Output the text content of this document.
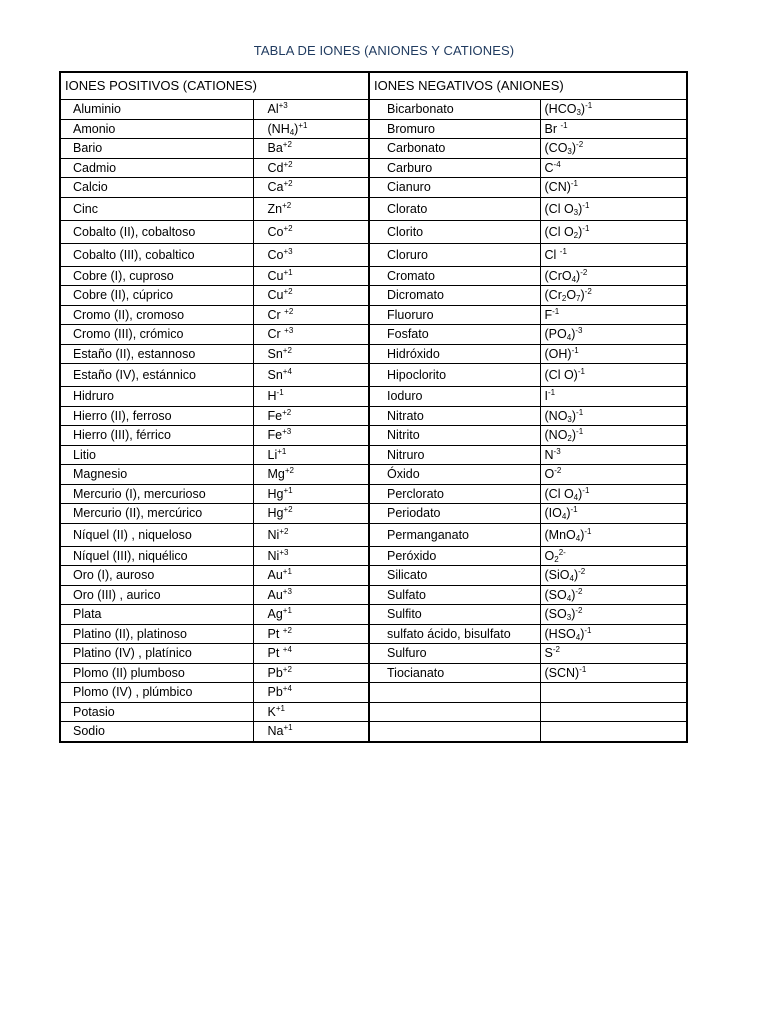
TABLA DE IONES (ANIONES Y CATIONES)
IONES POSITIVOS (CATIONES)		IONES NEGATIVOS (ANIONES)	
Aluminio	$Al^{+3}$	Bicarbonato	$(HCO_3)^{-1}$
Amonio	$(NH_4)^{+1}$	Bromuro	Br $^{-1}$
Bario	$Ba^{+2}$	Carbonato	$(CO_3)^{-2}$
Cadmio	$Cd^{+2}$	Carburo	$C^{-4}$
Calcio	$Ca^{+2}$	Cianuro	(CN)$^{-1}$
Cinc	$Zn^{+2}$	Clorato	(Cl $O_3)^{-1}$
Cobalto (II), cobaltoso	$Co^{+2}$	Clorito	(Cl $O_2)^{-1}$
Cobalto (III), cobaltico	$Co^{+3}$	Cloruro	Cl $^{-1}$
Cobre (I), cuproso	$Cu^{+1}$	Cromato	$(CrO_4)^{-2}$
Cobre (II), cúprico	$Cu^{+2}$	Dicromato	$(Cr_2O_7)^{-2}$
Cromo (II), cromoso	Cr $^{+2}$	Fluoruro	$F^{-1}$
Cromo (III), crómico	Cr $^{+3}$	Fosfato	$(PO_4)^{-3}$
Estaño (II), estannoso	$Sn^{+2}$	Hidróxido	(OH)$^{-1}$
Estaño (IV), estánnico	$Sn^{+4}$	Hipoclorito	(Cl O)$^{-1}$
Hidruro	$H^{-1}$	Ioduro	$I^{-1}$
Hierro (II), ferroso	$Fe^{+2}$	Nitrato	$(NO_3)^{-1}$
Hierro (III), férrico	$Fe^{+3}$	Nitrito	$(NO_2)^{-1}$
Litio	$Li^{+1}$	Nitruro	$N^{-3}$
Magnesio	$Mg^{+2}$	Óxido	$O^{-2}$
Mercurio (I), mercurioso	$Hg^{+1}$	Perclorato	(Cl $O_4)^{-1}$
Mercurio (II), mercúrico	$Hg^{+2}$	Periodato	$(IO_4)^{-1}$
Níquel (II) , niqueloso	$Ni^{+2}$	Permanganato	$(MnO_4)^{-1}$
Níquel (III), niquélico	$Ni^{+3}$	Peróxido	$O_2^{2-}$
Oro (I), auroso	$Au^{+1}$	Silicato	$(SiO_4)^{-2}$
Oro (III) , aurico	$Au^{+3}$	Sulfato	$(SO_4)^{-2}$
Plata	$Ag^{+1}$	Sulfito	$(SO_3)^{-2}$
Platino (II), platinoso	Pt $^{+2}$	sulfato ácido, bisulfato	$(HSO_4)^{-1}$
Platino (IV) , platínico	Pt $^{+4}$	Sulfuro	$S^{-2}$
Plomo (II) plumboso	$Pb^{+2}$	Tiocianato	(SCN)$^{-1}$
Plomo (IV) , plúmbico	$Pb^{+4}$		
Potasio	$K^{+1}$		
Sodio	$Na^{+1}$		
